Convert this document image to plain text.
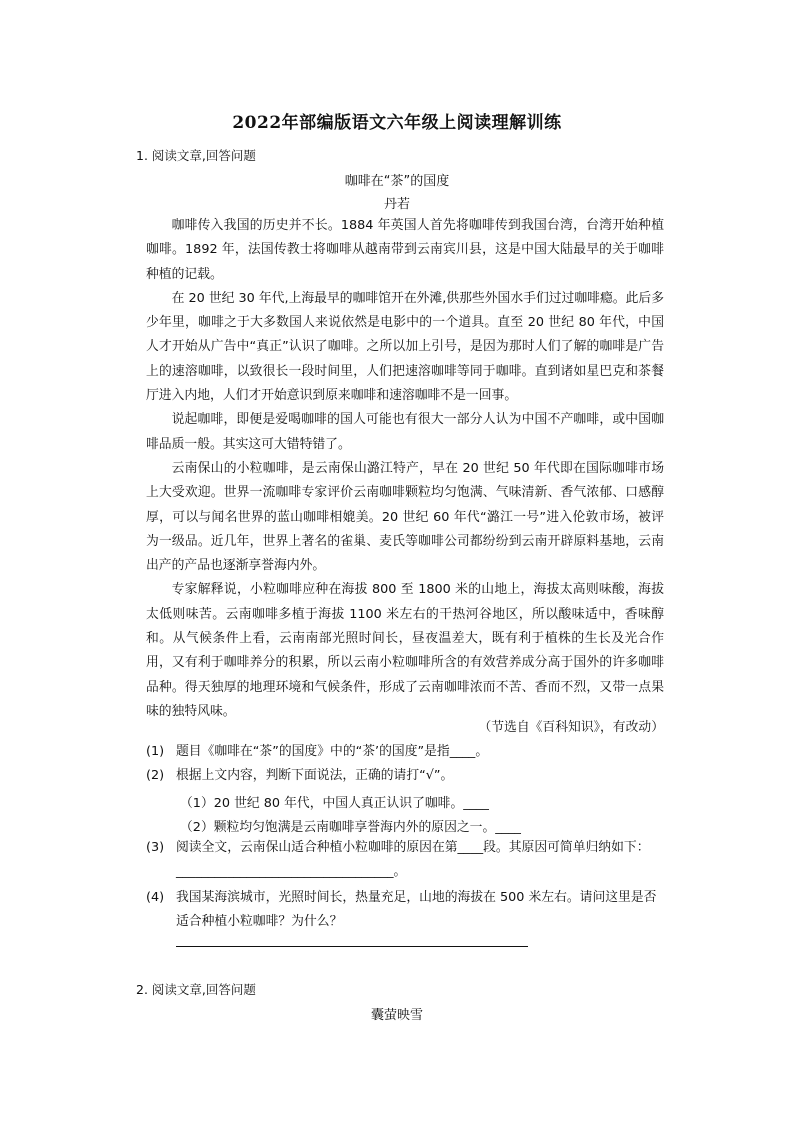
2022年部编版语文六年级上阅读理解训练
1. 阅读文章,回答问题
咖啡在“茶”的国度
丹若

咖啡传入我国的历史并不长。1884 年英国人首先将咖啡传到我国台湾，台湾开始种植咖啡。1892 年，法国传教士将咖啡从越南带到云南宾川县，这是中国大陆最早的关于咖啡种植的记载。

在 20 世纪 30 年代,上海最早的咖啡馆开在外滩,供那些外国水手们过过咖啡瘾。此后多少年里，咖啡之于大多数国人来说依然是电影中的一个道具。直至 20 世纪 80 年代，中国人才开始从广告中“真正”认识了咖啡。之所以加上引号，是因为那时人们了解的咖啡是广告上的速溶咖啡，以致很长一段时间里，人们把速溶咖啡等同于咖啡。直到诸如星巴克和茶餐厅进入内地，人们才开始意识到原来咖啡和速溶咖啡不是一回事。

说起咖啡，即便是爱喝咖啡的国人可能也有很大一部分人认为中国不产咖啡，或中国咖啡品质一般。其实这可大错特错了。

云南保山的小粒咖啡，是云南保山潞江特产，早在 20 世纪 50 年代即在国际咖啡市场上大受欢迎。世界一流咖啡专家评价云南咖啡颗粒均匀饱满、气味清新、香气浓郁、口感醇厚，可以与闻名世界的蓝山咖啡相媲美。20 世纪 60 年代“潞江一号”进入伦敦市场，被评为一级品。近几年，世界上著名的雀巢、麦氏等咖啡公司都纷纷到云南开辟原料基地，云南出产的产品也逐渐享誉海内外。

专家解释说，小粒咖啡应种在海拔 800 至 1800 米的山地上，海拔太高则味酸，海拔太低则味苦。云南咖啡多植于海拔 1100 米左右的干热河谷地区，所以酸味适中，香味醇和。从气候条件上看，云南南部光照时间长，昼夜温差大，既有利于植株的生长及光合作用，又有利于咖啡养分的积累，所以云南小粒咖啡所含的有效营养成分高于国外的许多咖啡品种。得天独厚的地理环境和气候条件，形成了云南咖啡浓而不苦、香而不烈，又带一点果味的独特风味。

（节选自《百科知识》，有改动）
(1) 题目《咖啡在“茶”的国度》中的“茶’的国度”是指____。
(2) 根据上文内容，判断下面说法，正确的请打“√”。
（1）20 世纪 80 年代，中国人真正认识了咖啡。____
（2）颗粒均匀饱满是云南咖啡享誉海内外的原因之一。____
(3) 阅读全文，云南保山适合种植小粒咖啡的原因在第____段。其原因可简单归纳如下：__________________________________。
(4) 我国某海滨城市，光照时间长，热量充足，山地的海拔在 500 米左右。请问这里是否适合种植小粒咖啡？为什么？
2. 阅读文章,回答问题
囊萤映雪
